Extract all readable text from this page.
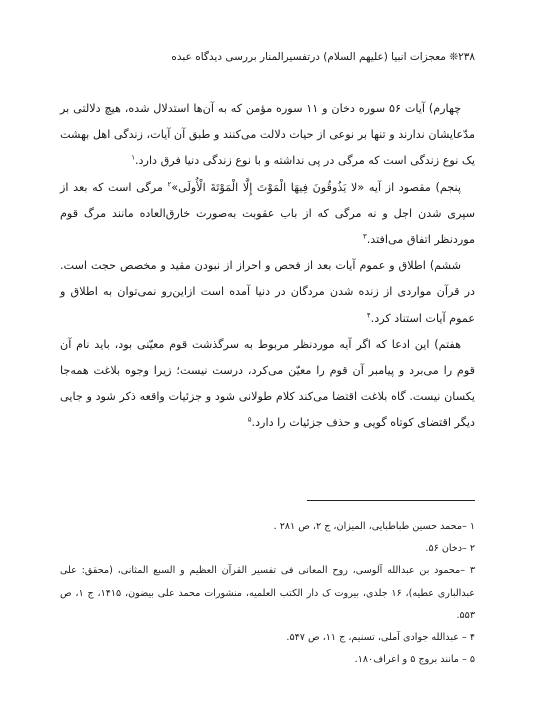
۲۳۸❊ معجزات انبیا (علیهم السلام) درتفسیرالمنار بررسی دیدگاه عبده

چهارم) آیات ۵۶ سوره دخان و ۱۱ سوره مؤمن که به آن‌ها استدلال شده، هیچ دلالتی بر مدّعایشان ندارند و تنها بر نوعی از حیات دلالت می‌کنند و طبق آن آیات، زندگی اهل بهشت یک نوع زندگی است که مرگی در پی نداشته و با نوع زندگی دنیا فرق دارد.$^۱$

پنجم) مقصود از آیه «لا يَذُوقُونَ فِيهَا الْمَوْتَ إِلَّا الْمَوْتَةَ الْأُولَى»$^۲$ مرگی است که بعد از سپری شدن اجل و نه مرگی که از باب عقوبت به‌صورت خارق‌العاده مانند مرگ قوم موردنظر اتفاق می‌افتد.$^۳$

ششم) اطلاق و عموم آیات بعد از فحص و احراز از نبودن مقید و مخصص حجت است. در قرآن مواردی از زنده شدن مردگان در دنیا آمده است ازاین‌رو نمی‌توان به اطلاق و عموم آیات استناد کرد.$^۴$

هفتم) این ادعا که اگر آیه موردنظر مربوط به سرگذشت قوم معیّنی بود، باید نام آن قوم را می‌برد و پیامبر آن قوم را معیّن می‌کرد، درست نیست؛ زیرا وجوه بلاغت همه‌جا یکسان نیست. گاه بلاغت اقتضا می‌کند کلام طولانی شود و جزئیات واقعه ذکر شود و جایی دیگر اقتضای کوتاه گویی و حذف جزئیات را دارد.$^۵$

۱ –محمد حسین طباطبایی، المیزان، ج ۲، ص ۲۸۱ .
۲ –دخان ۵۶.
۳ –محمود بن عبدالله آلوسی، روح المعانی فی تفسیر القرآن العظیم و السبع المثانی، (محقق: علی عبدالباری عطیه)، ۱۶ جلدی، بیروت ک دار الکتب العلمیه، منشورات محمد علی بیضون، ۱۴۱۵، ج ۱، ص ۵۵۳.
۴ – عبدالله جوادی آملی، تسنیم، ج ۱۱، ص ۵۴۷.
۵ – مانند بروج ۵ و اعراف۱۸۰.
